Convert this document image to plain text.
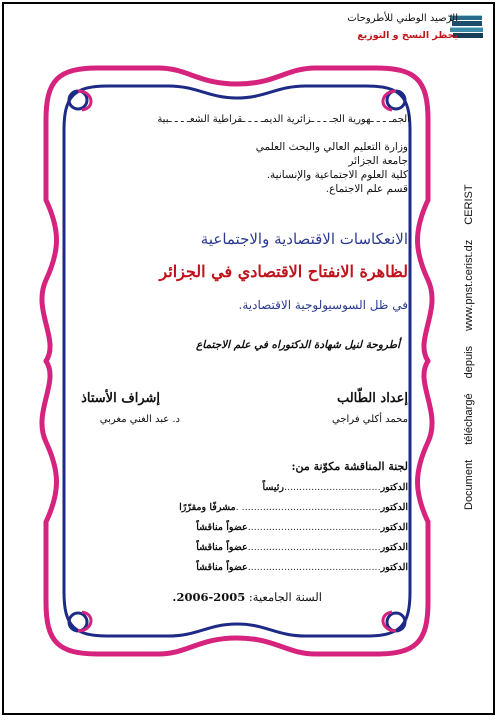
الرّصيد الوطني للأطروحات
يحظر النسخ و التوزيع
Document téléchargé depuis www.pnst.cerist.dz CERIST
الجمـ ـ ـ ـهورية الجـ ـ ـ ـزائرية الديمـ ـ ـ ـقراطية الشعـ ـ ـ ـبية
وزارة التعليم العالي والبحث العلمي
جامعة الجزائر
كلية العلوم الاجتماعية والإنسانية.
قسم علم الاجتماع.
الانعكاسات الاقتصادية والاجتماعية
لظاهرة الانفتاح الاقتصادي في الجزائر
في ظل السوسيولوجية الاقتصادية.
أطروحة لنيل شهادة الدكتوراه في علم الاجتماع
إعداد الطّالب
محمد أكلي فراجي
إشراف الأستاذ
د. عبد الغني مغربي
لجنة المناقشة مكوّنة من:
الدكتور................................رئيساً
الدكتور.............................................. .مشرفًا ومقرّرًا
الدكتور............................................عضواً مناقشاً
الدكتور............................................عضواً مناقشاً
الدكتور............................................عضواً مناقشاً
السنة الجامعية: 2005-2006.
